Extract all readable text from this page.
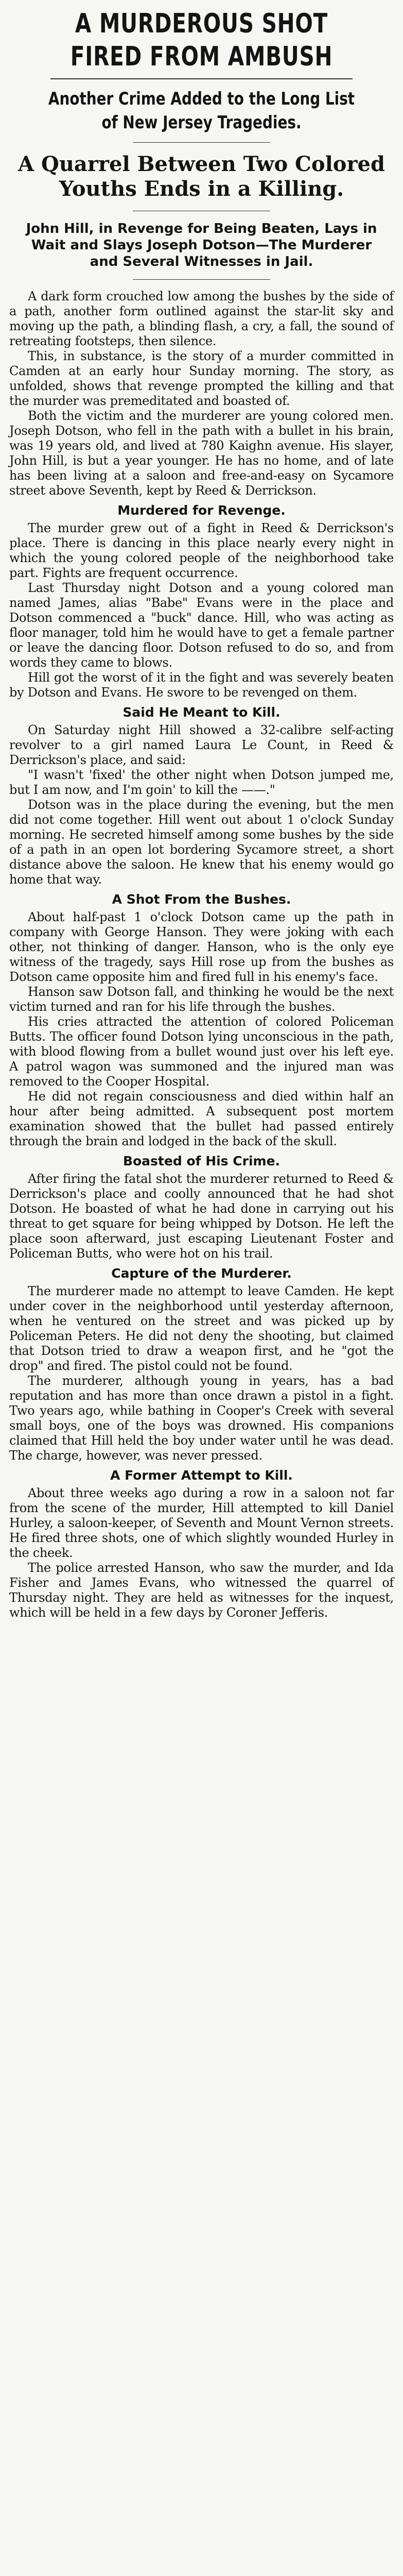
A MURDEROUS SHOT
FIRED FROM AMBUSH
Another Crime Added to the Long List
of New Jersey Tragedies.
A Quarrel Between Two Colored
Youths Ends in a Killing.

John Hill, in Revenge for Being Beaten, Lays in Wait and Slays Joseph Dotson—The Murderer and Several Witnesses in Jail.

A dark form crouched low among the bushes by the side of a path, another form outlined against the star-lit sky and moving up the path, a blinding flash, a cry, a fall, the sound of retreating footsteps, then silence.

This, in substance, is the story of a murder committed in Camden at an early hour Sunday morning. The story, as unfolded, shows that revenge prompted the killing and that the murder was premeditated and boasted of.

Both the victim and the murderer are young colored men. Joseph Dotson, who fell in the path with a bullet in his brain, was 19 years old, and lived at 780 Kaighn avenue. His slayer, John Hill, is but a year younger. He has no home, and of late has been living at a saloon and free-and-easy on Sycamore street above Seventh, kept by Reed & Derrickson.

Murdered for Revenge.

The murder grew out of a fight in Reed & Derrickson's place. There is dancing in this place nearly every night in which the young colored people of the neighborhood take part. Fights are frequent occurrence.

Last Thursday night Dotson and a young colored man named James, alias "Babe" Evans were in the place and Dotson commenced a "buck" dance. Hill, who was acting as floor manager, told him he would have to get a female partner or leave the dancing floor. Dotson refused to do so, and from words they came to blows.

Hill got the worst of it in the fight and was severely beaten by Dotson and Evans. He swore to be revenged on them.

Said He Meant to Kill.

On Saturday night Hill showed a 32-calibre self-acting revolver to a girl named Laura Le Count, in Reed & Derrickson's place, and said:

"I wasn't 'fixed' the other night when Dotson jumped me, but I am now, and I'm goin' to kill the ——."

Dotson was in the place during the evening, but the men did not come together. Hill went out about 1 o'clock Sunday morning. He secreted himself among some bushes by the side of a path in an open lot bordering Sycamore street, a short distance above the saloon. He knew that his enemy would go home that way.

A Shot From the Bushes.

About half-past 1 o'clock Dotson came up the path in company with George Hanson. They were joking with each other, not thinking of danger. Hanson, who is the only eye witness of the tragedy, says Hill rose up from the bushes as Dotson came opposite him and fired full in his enemy's face.

Hanson saw Dotson fall, and thinking he would be the next victim turned and ran for his life through the bushes.

His cries attracted the attention of colored Policeman Butts. The officer found Dotson lying unconscious in the path, with blood flowing from a bullet wound just over his left eye. A patrol wagon was summoned and the injured man was removed to the Cooper Hospital.

He did not regain consciousness and died within half an hour after being admitted. A subsequent post mortem examination showed that the bullet had passed entirely through the brain and lodged in the back of the skull.

Boasted of His Crime.

After firing the fatal shot the murderer returned to Reed & Derrickson's place and coolly announced that he had shot Dotson. He boasted of what he had done in carrying out his threat to get square for being whipped by Dotson. He left the place soon afterward, just escaping Lieutenant Foster and Policeman Butts, who were hot on his trail.

Capture of the Murderer.

The murderer made no attempt to leave Camden. He kept under cover in the neighborhood until yesterday afternoon, when he ventured on the street and was picked up by Policeman Peters. He did not deny the shooting, but claimed that Dotson tried to draw a weapon first, and he "got the drop" and fired. The pistol could not be found.

The murderer, although young in years, has a bad reputation and has more than once drawn a pistol in a fight. Two years ago, while bathing in Cooper's Creek with several small boys, one of the boys was drowned. His companions claimed that Hill held the boy under water until he was dead. The charge, however, was never pressed.

A Former Attempt to Kill.

About three weeks ago during a row in a saloon not far from the scene of the murder, Hill attempted to kill Daniel Hurley, a saloon-keeper, of Seventh and Mount Vernon streets. He fired three shots, one of which slightly wounded Hurley in the cheek.

The police arrested Hanson, who saw the murder, and Ida Fisher and James Evans, who witnessed the quarrel of Thursday night. They are held as witnesses for the inquest, which will be held in a few days by Coroner Jefferis.
